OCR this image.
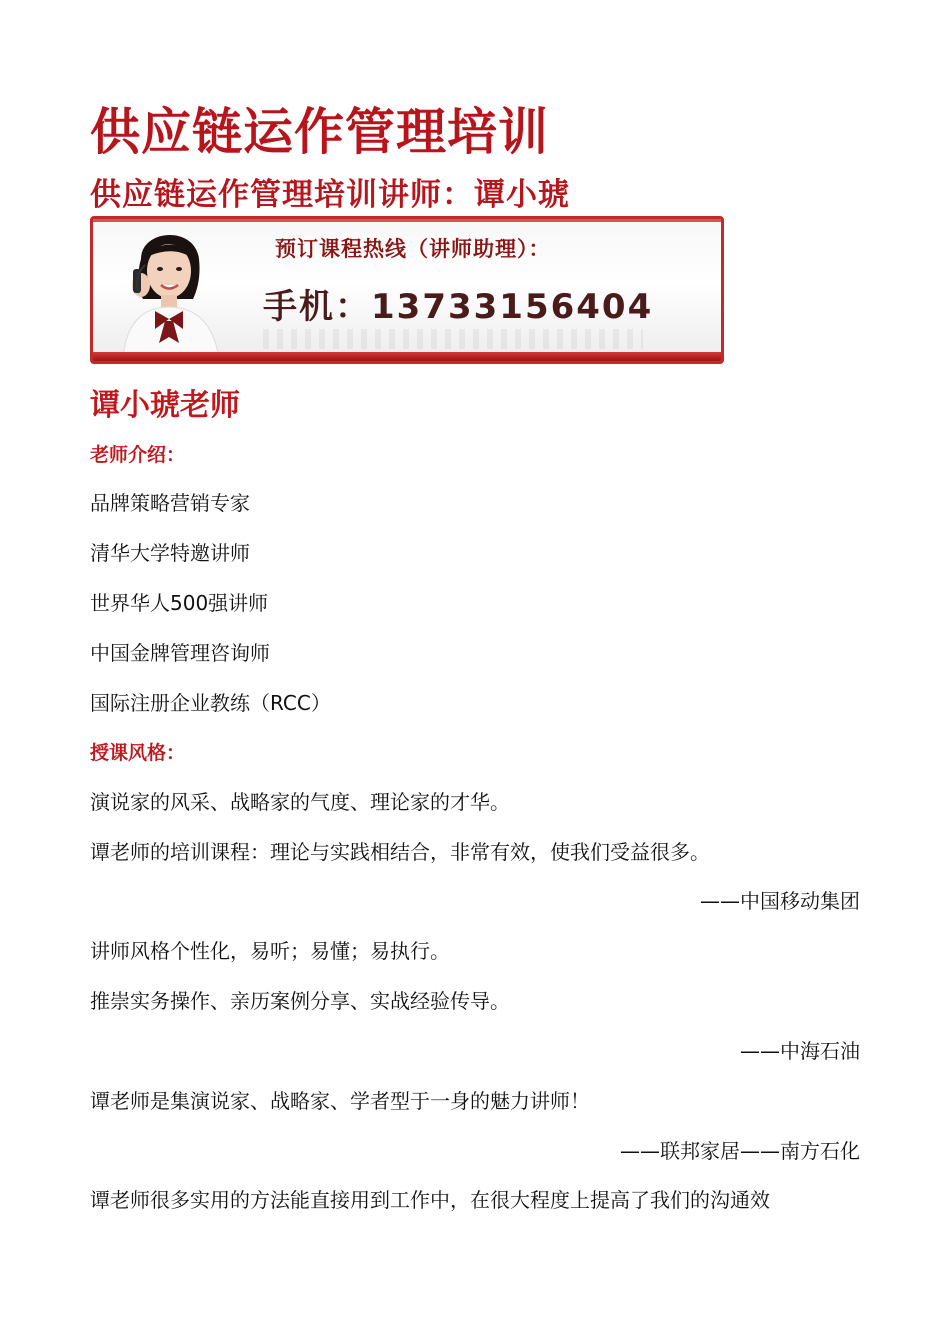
供应链运作管理培训
供应链运作管理培训讲师：谭小琥
预订课程热线（讲师助理）：
手机：13733156404
谭小琥老师
老师介绍：
品牌策略营销专家
清华大学特邀讲师
世界华人500强讲师
中国金牌管理咨询师
国际注册企业教练（RCC）
授课风格：
演说家的风采、战略家的气度、理论家的才华。
谭老师的培训课程：理论与实践相结合，非常有效，使我们受益很多。
——中国移动集团
讲师风格个性化，易听；易懂；易执行。
推崇实务操作、亲历案例分享、实战经验传导。
——中海石油
谭老师是集演说家、战略家、学者型于一身的魅力讲师！
——联邦家居——南方石化
谭老师很多实用的方法能直接用到工作中，在很大程度上提高了我们的沟通效
